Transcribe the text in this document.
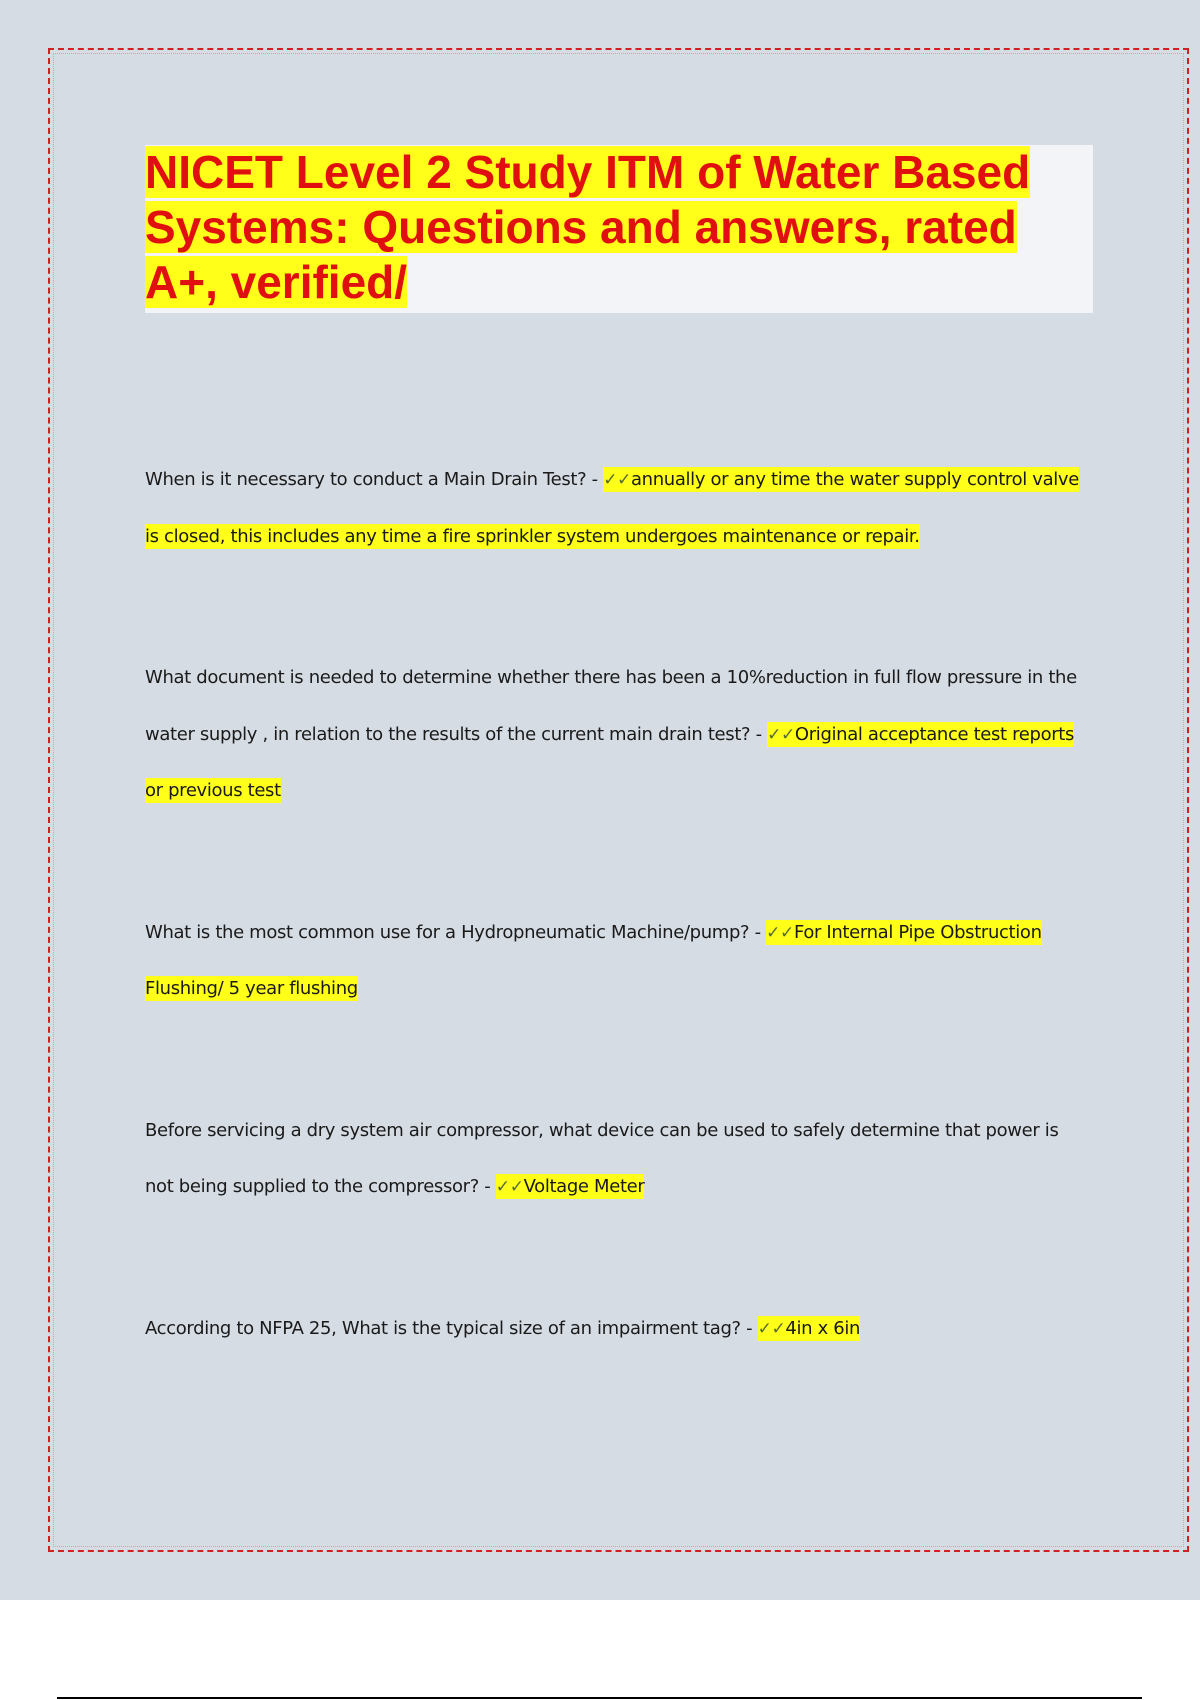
NICET Level 2 Study ITM of Water Based Systems: Questions and answers, rated A+, verified/

When is it necessary to conduct a Main Drain Test? - ✓✓annually or any time the water supply control valve is closed, this includes any time a fire sprinkler system undergoes maintenance or repair.

What document is needed to determine whether there has been a 10%reduction in full flow pressure in the water supply , in relation to the results of the current main drain test? - ✓✓Original acceptance test reports or previous test

What is the most common use for a Hydropneumatic Machine/pump? - ✓✓For Internal Pipe Obstruction Flushing/ 5 year flushing

Before servicing a dry system air compressor, what device can be used to safely determine that power is not being supplied to the compressor? - ✓✓Voltage Meter

According to NFPA 25, What is the typical size of an impairment tag? - ✓✓4in x 6in
